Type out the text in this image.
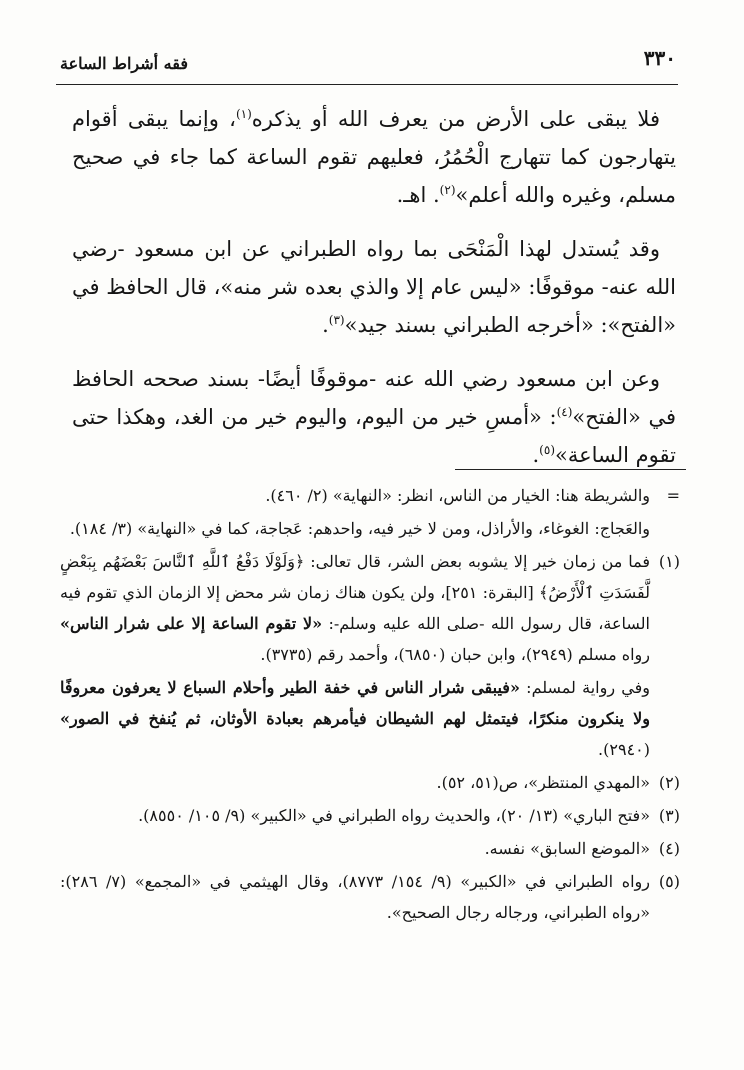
٣٣٠
فقه أشراط الساعة

فلا يبقى على الأرض من يعرف الله أو يذكره$^{(١)}$، وإنما يبقى أقوام يتهارجون كما تتهارج الْحُمُرُ، فعليهم تقوم الساعة كما جاء في صحيح مسلم، وغيره والله أعلم»$^{(٢)}$. اهـ.

وقد يُستدل لهذا الْمَنْحَى بما رواه الطبراني عن ابن مسعود -رضي الله عنه- موقوفًا: «ليس عام إلا والذي بعده شر منه»، قال الحافظ في «الفتح»: «أخرجه الطبراني بسند جيد»$^{(٣)}$.

وعن ابن مسعود رضي الله عنه -موقوفًا أيضًا- بسند صححه الحافظ في «الفتح»$^{(٤)}$: «أمسِ خير من اليوم، واليوم خير من الغد، وهكذا حتى تقوم الساعة»$^{(٥)}$.

=
والشريطة هنا: الخيار من الناس، انظر: «النهاية» (٢/ ٤٦٠).
والعَجاج: الغوغاء، والأراذل، ومن لا خير فيه، واحدهم: عَجاجة، كما في «النهاية» (٣/ ١٨٤).
(١)
فما من زمان خير إلا يشوبه بعض الشر، قال تعالى: ﴿وَلَوْلَا دَفْعُ ٱللَّهِ ٱلنَّاسَ بَعْضَهُم بِبَعْضٍ لَّفَسَدَتِ ٱلْأَرْضُ﴾ [البقرة: ٢٥١]، ولن يكون هناك زمان شر محض إلا الزمان الذي تقوم فيه الساعة، قال رسول الله -صلى الله عليه وسلم-: «لا تقوم الساعة إلا على شرار الناس» رواه مسلم (٢٩٤٩)، وابن حبان (٦٨٥٠)، وأحمد رقم (٣٧٣٥).
وفي رواية لمسلم: «فيبقى شرار الناس في خفة الطير وأحلام السباع لا يعرفون معروفًا ولا ينكرون منكرًا، فيتمثل لهم الشيطان فيأمرهم بعبادة الأوثان، ثم يُنفخ في الصور» (٢٩٤٠).
(٢)
«المهدي المنتظر»، ص(٥١، ٥٢).
(٣)
«فتح الباري» (١٣/ ٢٠)، والحديث رواه الطبراني في «الكبير» (٩/ ١٠٥/ ٨٥٥٠).
(٤)
«الموضع السابق» نفسه.
(٥)
رواه الطبراني في «الكبير» (٩/ ١٥٤/ ٨٧٧٣)، وقال الهيثمي في «المجمع» (٧/ ٢٨٦): «رواه الطبراني، ورجاله رجال الصحيح».
